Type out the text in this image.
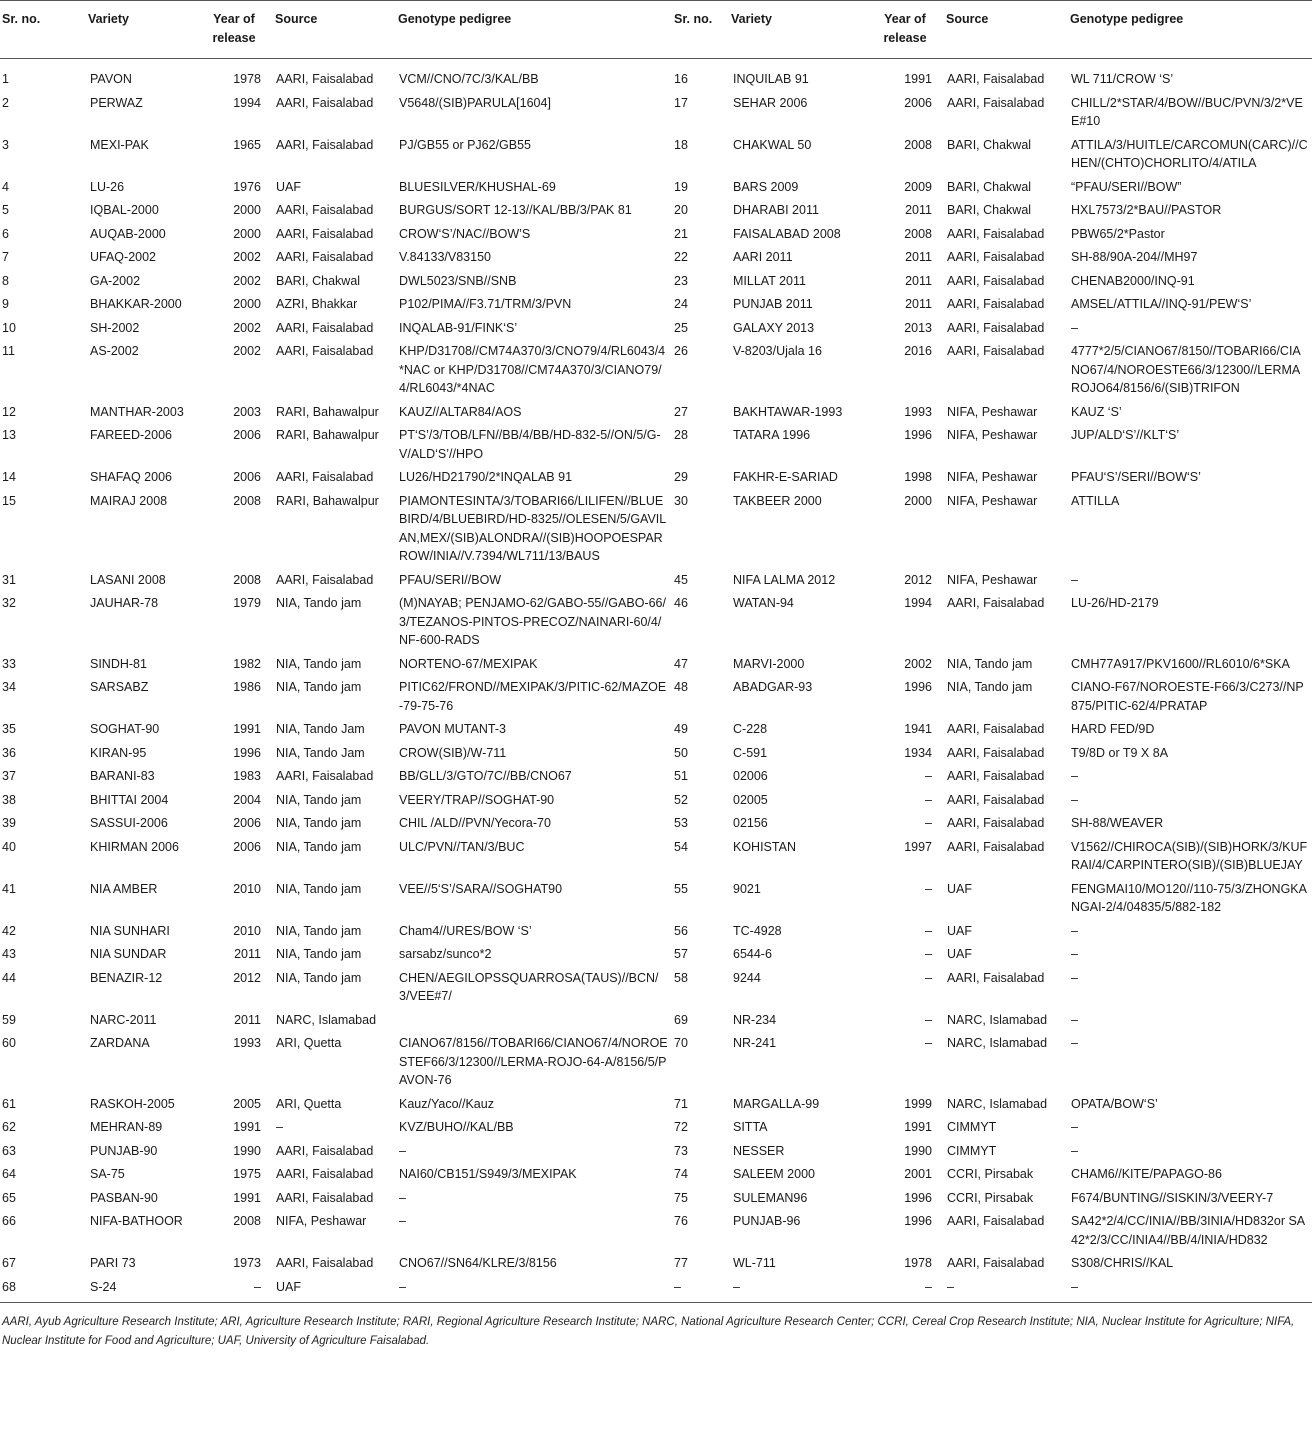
Sr. no.	Variety	Year of release	Source	Genotype pedigree	Sr. no.	Variety	Year of release	Source	Genotype pedigree
1	PAVON	1978	AARI, Faisalabad	VCM//CNO/7C/3/KAL/BB	16	INQUILAB 91	1991	AARI, Faisalabad	WL 711/CROW ‘S’
2	PERWAZ	1994	AARI, Faisalabad	V5648/(SIB)PARULA[1604]	17	SEHAR 2006	2006	AARI, Faisalabad	CHILL/2*STAR/4/BOW//BUC/PVN/3/2*VEE#10
3	MEXI-PAK	1965	AARI, Faisalabad	PJ/GB55 or PJ62/GB55	18	CHAKWAL 50	2008	BARI, Chakwal	ATTILA/3/HUITLE/CARCOMUN(CARC)//CHEN/(CHTO)CHORLITO/4/ATILA
4	LU-26	1976	UAF	BLUESILVER/KHUSHAL-69	19	BARS 2009	2009	BARI, Chakwal	“PFAU/SERI//BOW”
5	IQBAL-2000	2000	AARI, Faisalabad	BURGUS/SORT 12-13//KAL/BB/3/PAK 81	20	DHARABI 2011	2011	BARI, Chakwal	HXL7573/2*BAU//PASTOR
6	AUQAB-2000	2000	AARI, Faisalabad	CROW‘S’/NAC//BOW’S	21	FAISALABAD 2008	2008	AARI, Faisalabad	PBW65/2*Pastor
7	UFAQ-2002	2002	AARI, Faisalabad	V.84133/V83150	22	AARI 2011	2011	AARI, Faisalabad	SH-88/90A-204//MH97
8	GA-2002	2002	BARI, Chakwal	DWL5023/SNB//SNB	23	MILLAT 2011	2011	AARI, Faisalabad	CHENAB2000/INQ-91
9	BHAKKAR-2000	2000	AZRI, Bhakkar	P102/PIMA//F3.71/TRM/3/PVN	24	PUNJAB 2011	2011	AARI, Faisalabad	AMSEL/ATTILA//INQ-91/PEW‘S’
10	SH-2002	2002	AARI, Faisalabad	INQALAB-91/FINK‘S’	25	GALAXY 2013	2013	AARI, Faisalabad	–
11	AS-2002	2002	AARI, Faisalabad	KHP/D31708//CM74A370/3/CNO79/4/RL6043/4*NAC or KHP/D31708//CM74A370/3/CIANO79/4/RL6043/*4NAC	26	V-8203/Ujala 16	2016	AARI, Faisalabad	4777*2/5/CIANO67/8150//TOBARI66/CIANO67/4/NOROESTE66/3/12300//LERMAROJO64/8156/6/(SIB)TRIFON
12	MANTHAR-2003	2003	RARI, Bahawalpur	KAUZ//ALTAR84/AOS	27	BAKHTAWAR-1993	1993	NIFA, Peshawar	KAUZ ‘S’
13	FAREED-2006	2006	RARI, Bahawalpur	PT‘S’/3/TOB/LFN//BB/4/BB/HD-832-5//ON/5/G-V/ALD‘S’//HPO	28	TATARA 1996	1996	NIFA, Peshawar	JUP/ALD‘S’//KLT‘S’
14	SHAFAQ 2006	2006	AARI, Faisalabad	LU26/HD21790/2*INQALAB 91	29	FAKHR-E-SARIAD	1998	NIFA, Peshawar	PFAU‘S’/SERI//BOW‘S’
15	MAIRAJ 2008	2008	RARI, Bahawalpur	PIAMONTESINTA/3/TOBARI66/LILIFEN//BLUEBIRD/4/BLUEBIRD/HD-8325//OLESEN/5/GAVILAN,MEX/(SIB)ALONDRA//(SIB)HOOPOESPARROW/INIA//V.7394/WL711/13/BAUS	30	TAKBEER 2000	2000	NIFA, Peshawar	ATTILLA
31	LASANI 2008	2008	AARI, Faisalabad	PFAU/SERI//BOW	45	NIFA LALMA 2012	2012	NIFA, Peshawar	–
32	JAUHAR-78	1979	NIA, Tando jam	(M)NAYAB; PENJAMO-62/GABO-55//GABO-66/3/TEZANOS-PINTOS-PRECOZ/NAINARI-60/4/NF-600-RADS	46	WATAN-94	1994	AARI, Faisalabad	LU-26/HD-2179
33	SINDH-81	1982	NIA, Tando jam	NORTENO-67/MEXIPAK	47	MARVI-2000	2002	NIA, Tando jam	CMH77A917/PKV1600//RL6010/6*SKA
34	SARSABZ	1986	NIA, Tando jam	PITIC62/FROND//MEXIPAK/3/PITIC-62/MAZOE-79-75-76	48	ABADGAR-93	1996	NIA, Tando jam	CIANO-F67/NOROESTE-F66/3/C273//NP875/PITIC-62/4/PRATAP
35	SOGHAT-90	1991	NIA, Tando Jam	PAVON MUTANT-3	49	C-228	1941	AARI, Faisalabad	HARD FED/9D
36	KIRAN-95	1996	NIA, Tando Jam	CROW(SIB)/W-711	50	C-591	1934	AARI, Faisalabad	T9/8D or T9 X 8A
37	BARANI-83	1983	AARI, Faisalabad	BB/GLL/3/GTO/7C//BB/CNO67	51	02006	–	AARI, Faisalabad	–
38	BHITTAI 2004	2004	NIA, Tando jam	VEERY/TRAP//SOGHAT-90	52	02005	–	AARI, Faisalabad	–
39	SASSUI-2006	2006	NIA, Tando jam	CHIL /ALD//PVN/Yecora-70	53	02156	–	AARI, Faisalabad	SH-88/WEAVER
40	KHIRMAN 2006	2006	NIA, Tando jam	ULC/PVN//TAN/3/BUC	54	KOHISTAN	1997	AARI, Faisalabad	V1562//CHIROCA(SIB)/(SIB)HORK/3/KUFRAI/4/CARPINTERO(SIB)/(SIB)BLUEJAY
41	NIA AMBER	2010	NIA, Tando jam	VEE//5‘S’/SARA//SOGHAT90	55	9021	–	UAF	FENGMAI10/MO120//110-75/3/ZHONGKANGAI-2/4/04835/5/882-182
42	NIA SUNHARI	2010	NIA, Tando jam	Cham4//URES/BOW ‘S’	56	TC-4928	–	UAF	–
43	NIA SUNDAR	2011	NIA, Tando jam	sarsabz/sunco*2	57	6544-6	–	UAF	–
44	BENAZIR-12	2012	NIA, Tando jam	CHEN/AEGILOPSSQUARROSA(TAUS)//BCN/3/VEE#7/	58	9244	–	AARI, Faisalabad	–
59	NARC-2011	2011	NARC, Islamabad		69	NR-234	–	NARC, Islamabad	–
60	ZARDANA	1993	ARI, Quetta	CIANO67/8156//TOBARI66/CIANO67/4/NOROESTEF66/3/12300//LERMA-ROJO-64-A/8156/5/PAVON-76	70	NR-241	–	NARC, Islamabad	–
61	RASKOH-2005	2005	ARI, Quetta	Kauz/Yaco//Kauz	71	MARGALLA-99	1999	NARC, Islamabad	OPATA/BOW‘S’
62	MEHRAN-89	1991	–	KVZ/BUHO//KAL/BB	72	SITTA	1991	CIMMYT	–
63	PUNJAB-90	1990	AARI, Faisalabad	–	73	NESSER	1990	CIMMYT	–
64	SA-75	1975	AARI, Faisalabad	NAI60/CB151/S949/3/MEXIPAK	74	SALEEM 2000	2001	CCRI, Pirsabak	CHAM6//KITE/PAPAGO-86
65	PASBAN-90	1991	AARI, Faisalabad	–	75	SULEMAN96	1996	CCRI, Pirsabak	F674/BUNTING//SISKIN/3/VEERY-7
66	NIFA-BATHOOR	2008	NIFA, Peshawar	–	76	PUNJAB-96	1996	AARI, Faisalabad	SA42*2/4/CC/INIA//BB/3INIA/HD832or SA42*2/3/CC/INIA4//BB/4/INIA/HD832
67	PARI 73	1973	AARI, Faisalabad	CNO67//SN64/KLRE/3/8156	77	WL-711	1978	AARI, Faisalabad	S308/CHRIS//KAL
68	S-24	–	UAF	–	–	–	–	–	–
AARI, Ayub Agriculture Research Institute; ARI, Agriculture Research Institute; RARI, Regional Agriculture Research Institute; NARC, National Agriculture Research Center; CCRI, Cereal Crop Research Institute; NIA, Nuclear Institute for Agriculture; NIFA, Nuclear Institute for Food and Agriculture; UAF, University of Agriculture Faisalabad.
